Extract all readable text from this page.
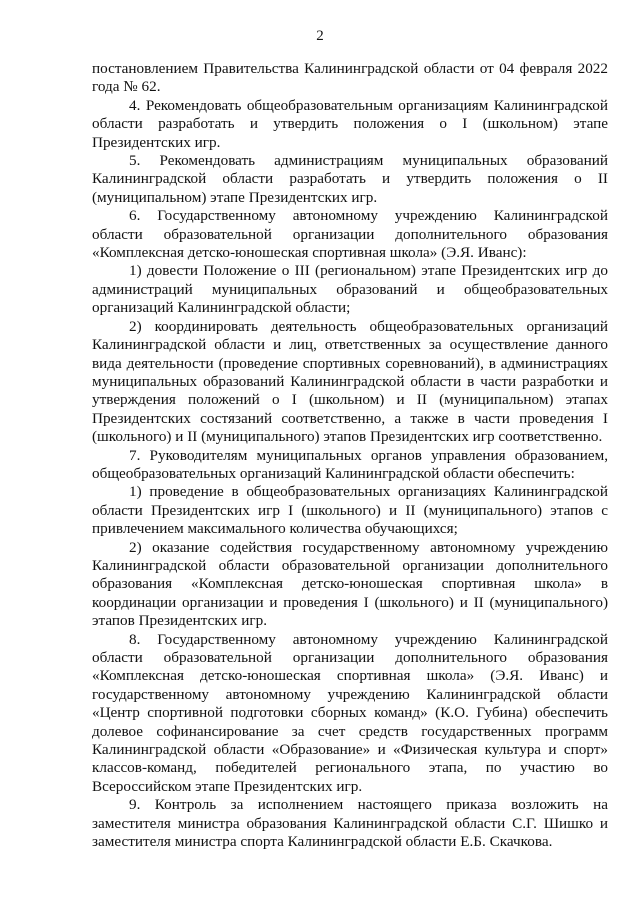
2

постановлением Правительства Калининградской области от 04 февраля 2022 года № 62.

4. Рекомендовать общеобразовательным организациям Калининградской области разработать и утвердить положения о I (школьном) этапе Президентских игр.

5. Рекомендовать администрациям муниципальных образований Калининградской области разработать и утвердить положения о II (муниципальном) этапе Президентских игр.

6. Государственному автономному учреждению Калининградской области образовательной организации дополнительного образования «Комплексная детско-юношеская спортивная школа» (Э.Я. Иванс):

1) довести Положение о III (региональном) этапе Президентских игр до администраций муниципальных образований и общеобразовательных организаций Калининградской области;

2) координировать деятельность общеобразовательных организаций Калининградской области и лиц, ответственных за осуществление данного вида деятельности (проведение спортивных соревнований), в администрациях муниципальных образований Калининградской области в части разработки и утверждения положений о I (школьном) и II (муниципальном) этапах Президентских состязаний соответственно, а также в части проведения I (школьного) и II (муниципального) этапов Президентских игр соответственно.

7. Руководителям муниципальных органов управления образованием, общеобразовательных организаций Калининградской области обеспечить:

1) проведение в общеобразовательных организациях Калининградской области Президентских игр I (школьного) и II (муниципального) этапов с привлечением максимального количества обучающихся;

2) оказание содействия государственному автономному учреждению Калининградской области образовательной организации дополнительного образования «Комплексная детско-юношеская спортивная школа» в координации организации и проведения I (школьного) и II (муниципального) этапов Президентских игр.

8. Государственному автономному учреждению Калининградской области образовательной организации дополнительного образования «Комплексная детско-юношеская спортивная школа» (Э.Я. Иванс) и государственному автономному учреждению Калининградской области «Центр спортивной подготовки сборных команд» (К.О. Губина) обеспечить долевое софинансирование за счет средств государственных программ Калининградской области «Образование» и «Физическая культура и спорт» классов-команд, победителей регионального этапа, по участию во Всероссийском этапе Президентских игр.

9. Контроль за исполнением настоящего приказа возложить на заместителя министра образования Калининградской области С.Г. Шишко и заместителя министра спорта Калининградской области Е.Б. Скачкова.
